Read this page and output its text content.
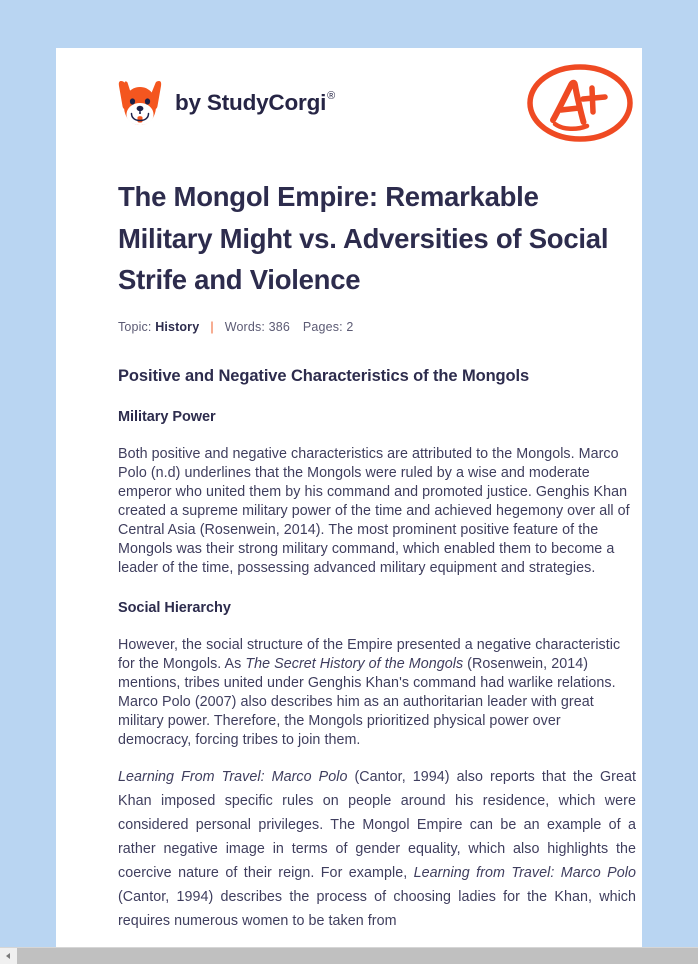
by StudyCorgi®
The Mongol Empire: Remarkable Military Might vs. Adversities of Social Strife and Violence
Topic: History | Words: 386 Pages: 2
Positive and Negative Characteristics of the Mongols
Military Power

Both positive and negative characteristics are attributed to the Mongols. Marco Polo (n.d) underlines that the Mongols were ruled by a wise and moderate emperor who united them by his command and promoted justice. Genghis Khan created a supreme military power of the time and achieved hegemony over all of Central Asia (Rosenwein, 2014). The most prominent positive feature of the Mongols was their strong military command, which enabled them to become a leader of the time, possessing advanced military equipment and strategies.

Social Hierarchy

However, the social structure of the Empire presented a negative characteristic for the Mongols. As The Secret History of the Mongols (Rosenwein, 2014) mentions, tribes united under Genghis Khan's command had warlike relations. Marco Polo (2007) also describes him as an authoritarian leader with great military power. Therefore, the Mongols prioritized physical power over democracy, forcing tribes to join them.

Learning From Travel: Marco Polo (Cantor, 1994) also reports that the Great Khan imposed specific rules on people around his residence, which were considered personal privileges. The Mongol Empire can be an example of a rather negative image in terms of gender equality, which also highlights the coercive nature of their reign. For example, Learning from Travel: Marco Polo (Cantor, 1994) describes the process of choosing ladies for the Khan, which requires numerous women to be taken from
